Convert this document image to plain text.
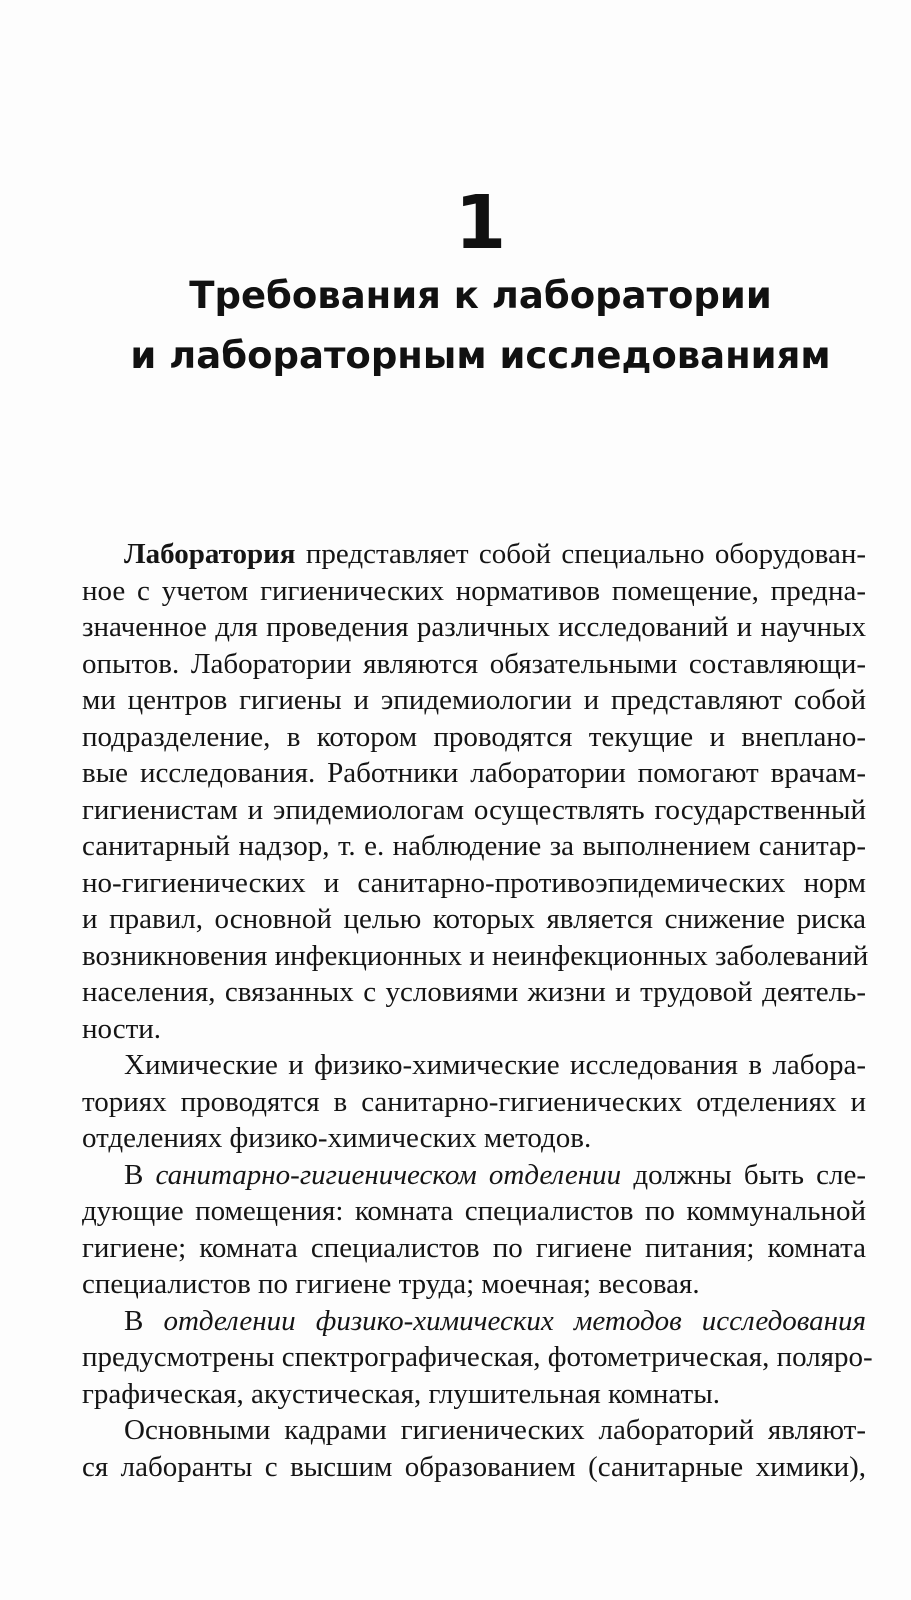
1
Требования к лаборатории
и лабораторным исследованиям
Лаборатория представляет собой специально оборудован-
ное с учетом гигиенических нормативов помещение, предна-
значенное для проведения различных исследований и научных
опытов. Лаборатории являются обязательными составляющи-
ми центров гигиены и эпидемиологии и представляют собой
подразделение, в котором проводятся текущие и внеплано-
вые исследования. Работники лаборатории помогают врачам-
гигиенистам и эпидемиологам осуществлять государственный
санитарный надзор, т. е. наблюдение за выполнением санитар-
но-гигиенических и санитарно-противоэпидемических норм
и правил, основной целью которых является снижение риска
возникновения инфекционных и неинфекционных заболеваний
населения, связанных с условиями жизни и трудовой деятель-
ности.
Химические и физико-химические исследования в лабора-
ториях проводятся в санитарно-гигиенических отделениях и
отделениях физико-химических методов.
В санитарно-гигиеническом отделении должны быть сле-
дующие помещения: комната специалистов по коммунальной
гигиене; комната специалистов по гигиене питания; комната
специалистов по гигиене труда; моечная; весовая.
В отделении физико-химических методов исследования
предусмотрены спектрографическая, фотометрическая, поляро-
графическая, акустическая, глушительная комнаты.
Основными кадрами гигиенических лабораторий являют-
ся лаборанты с высшим образованием (санитарные химики),
